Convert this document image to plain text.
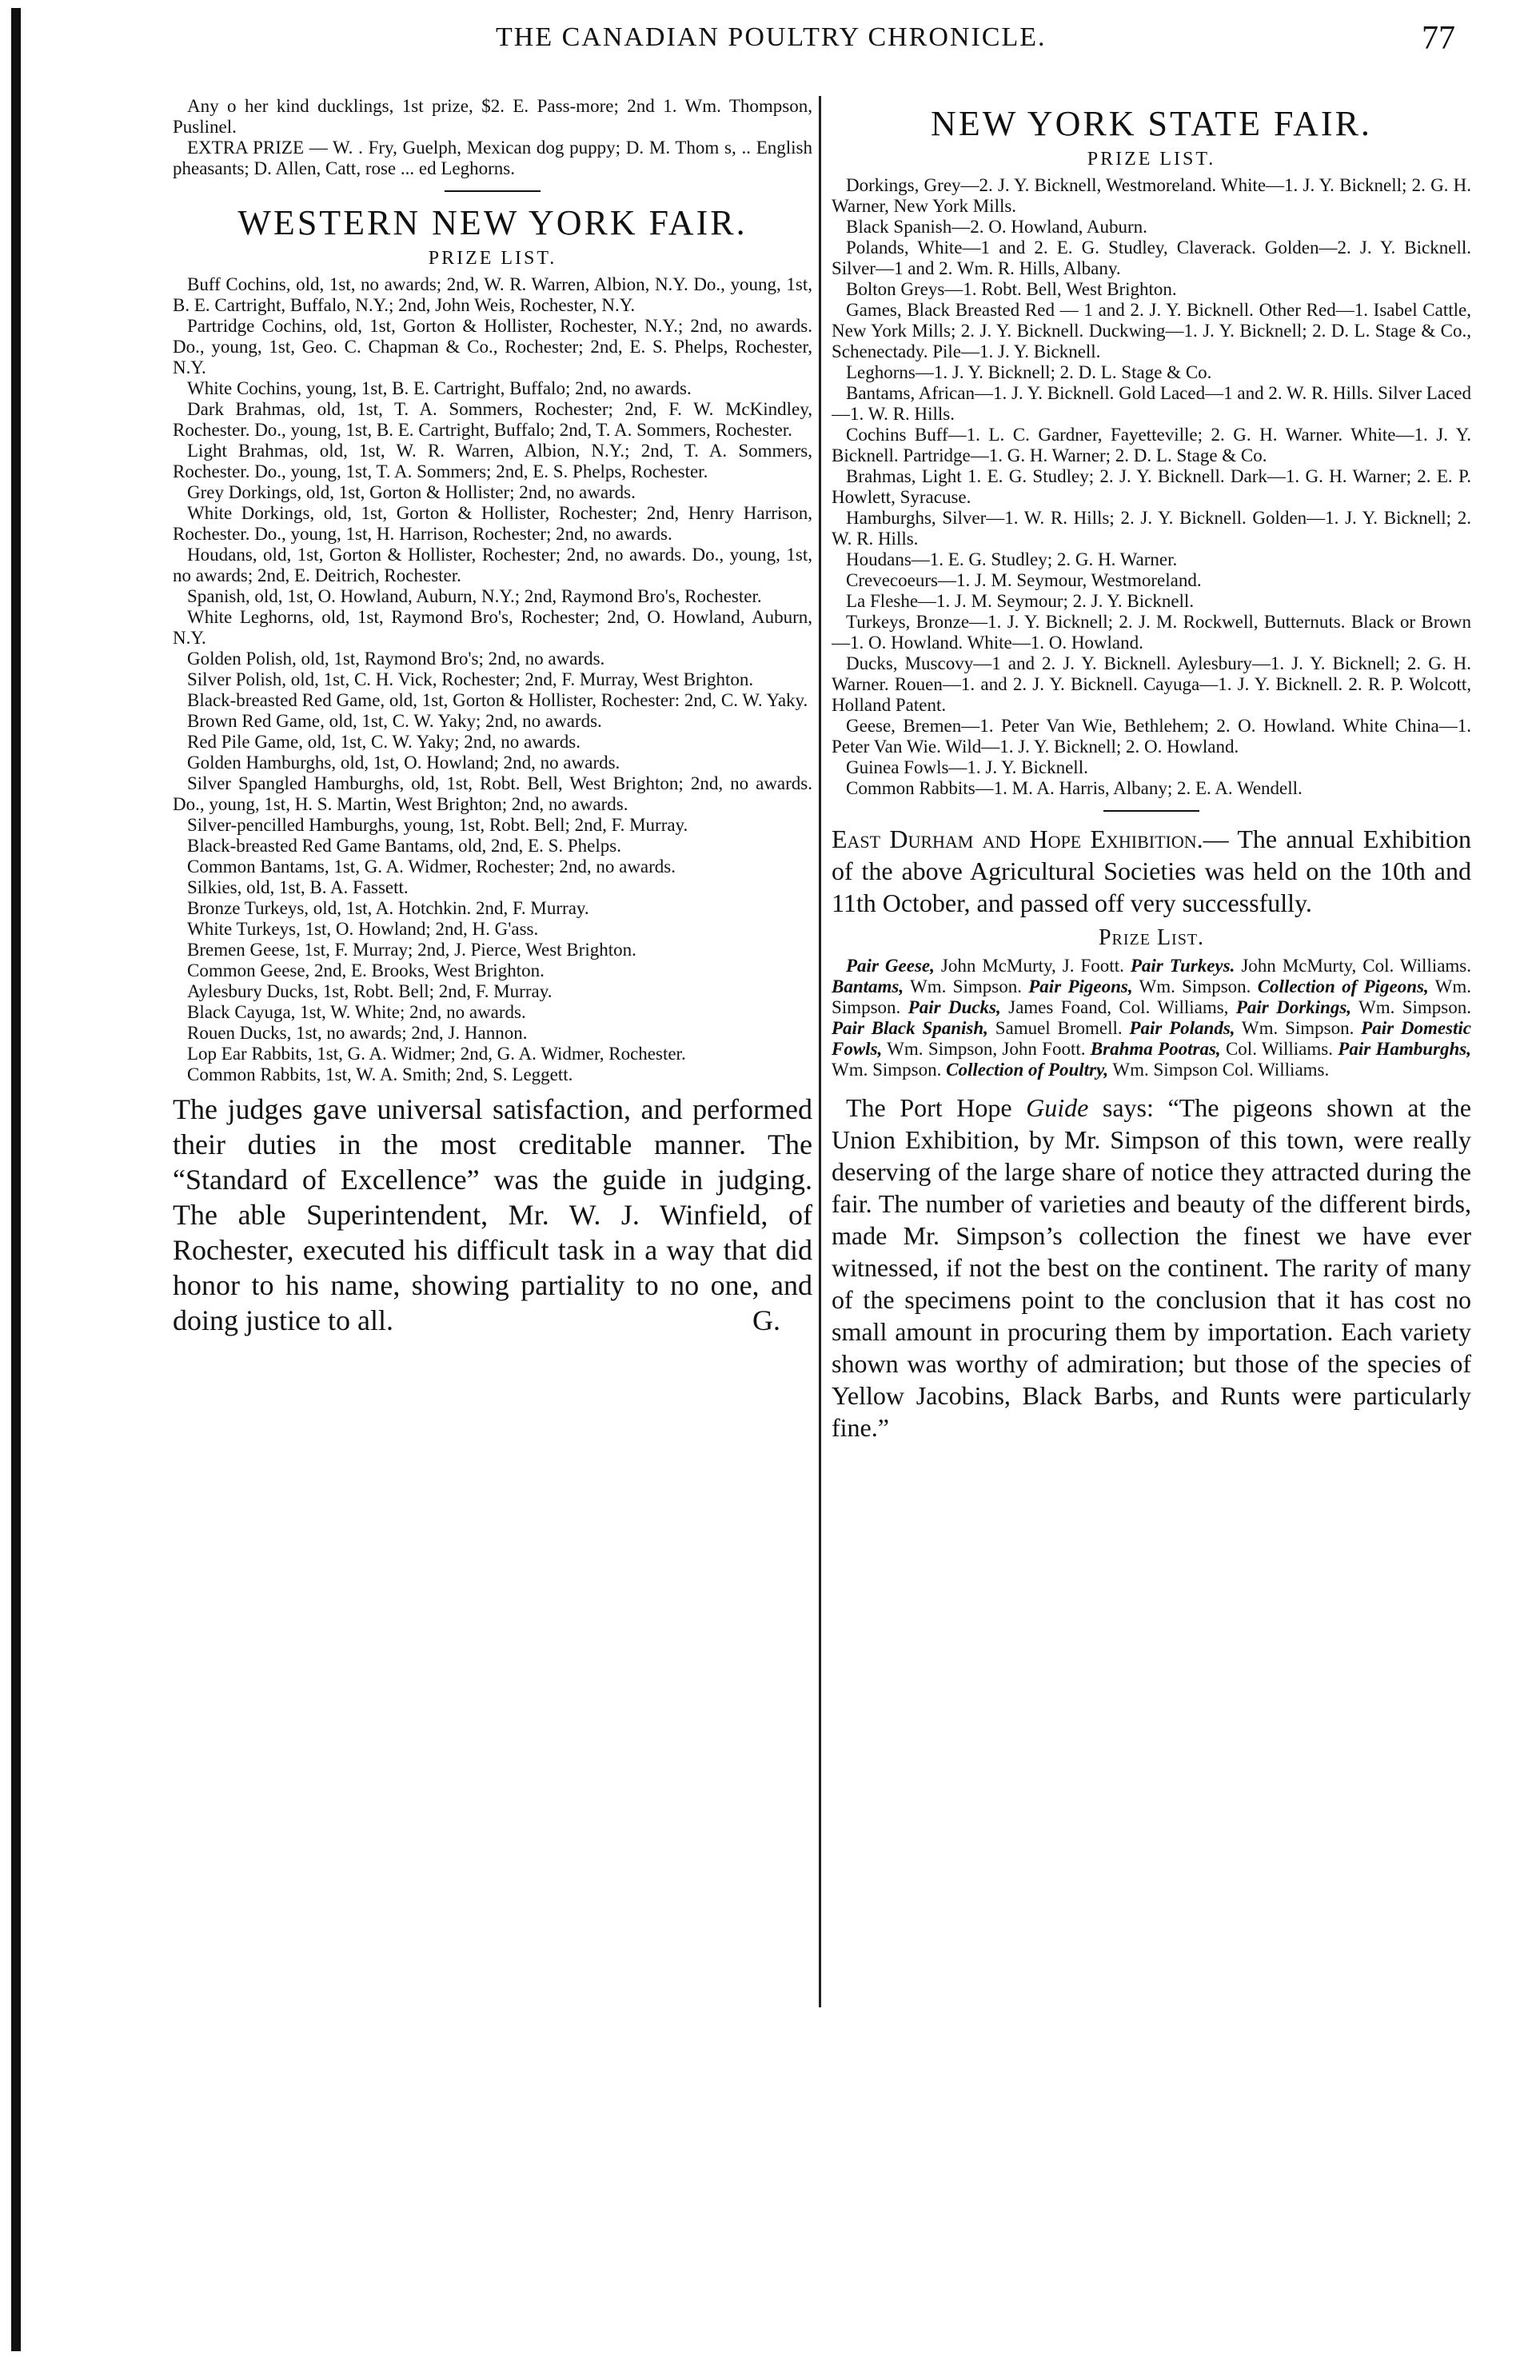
THE CANADIAN POULTRY CHRONICLE.	77

Any o her kind ducklings, 1st prize, $2. E. Pass-more; 2nd 1. Wm. Thompson, Puslinel.

EXTRA PRIZE — W. . Fry, Guelph, Mexican dog puppy; D. M. Thom s, .. English pheasants; D. Allen, Catt, rose ... ed Leghorns.

WESTERN NEW YORK FAIR.
PRIZE LIST.

Buff Cochins, old, 1st, no awards; 2nd, W. R. Warren, Albion, N.Y. Do., young, 1st, B. E. Cartright, Buffalo, N.Y.; 2nd, John Weis, Rochester, N.Y.

Partridge Cochins, old, 1st, Gorton & Hollister, Rochester, N.Y.; 2nd, no awards. Do., young, 1st, Geo. C. Chapman & Co., Rochester; 2nd, E. S. Phelps, Rochester, N.Y.

White Cochins, young, 1st, B. E. Cartright, Buffalo; 2nd, no awards.

Dark Brahmas, old, 1st, T. A. Sommers, Rochester; 2nd, F. W. McKindley, Rochester. Do., young, 1st, B. E. Cartright, Buffalo; 2nd, T. A. Sommers, Rochester.

Light Brahmas, old, 1st, W. R. Warren, Albion, N.Y.; 2nd, T. A. Sommers, Rochester. Do., young, 1st, T. A. Sommers; 2nd, E. S. Phelps, Rochester.

Grey Dorkings, old, 1st, Gorton & Hollister; 2nd, no awards.

White Dorkings, old, 1st, Gorton & Hollister, Rochester; 2nd, Henry Harrison, Rochester. Do., young, 1st, H. Harrison, Rochester; 2nd, no awards.

Houdans, old, 1st, Gorton & Hollister, Rochester; 2nd, no awards. Do., young, 1st, no awards; 2nd, E. Deitrich, Rochester.

Spanish, old, 1st, O. Howland, Auburn, N.Y.; 2nd, Raymond Bro's, Rochester.

White Leghorns, old, 1st, Raymond Bro's, Rochester; 2nd, O. Howland, Auburn, N.Y.

Golden Polish, old, 1st, Raymond Bro's; 2nd, no awards.

Silver Polish, old, 1st, C. H. Vick, Rochester; 2nd, F. Murray, West Brighton.

Black-breasted Red Game, old, 1st, Gorton & Hollister, Rochester: 2nd, C. W. Yaky.

Brown Red Game, old, 1st, C. W. Yaky; 2nd, no awards.

Red Pile Game, old, 1st, C. W. Yaky; 2nd, no awards.

Golden Hamburghs, old, 1st, O. Howland; 2nd, no awards.

Silver Spangled Hamburghs, old, 1st, Robt. Bell, West Brighton; 2nd, no awards. Do., young, 1st, H. S. Martin, West Brighton; 2nd, no awards.

Silver-pencilled Hamburghs, young, 1st, Robt. Bell; 2nd, F. Murray.

Black-breasted Red Game Bantams, old, 2nd, E. S. Phelps.

Common Bantams, 1st, G. A. Widmer, Rochester; 2nd, no awards.

Silkies, old, 1st, B. A. Fassett.

Bronze Turkeys, old, 1st, A. Hotchkin. 2nd, F. Murray.

White Turkeys, 1st, O. Howland; 2nd, H. G'ass.

Bremen Geese, 1st, F. Murray; 2nd, J. Pierce, West Brighton.

Common Geese, 2nd, E. Brooks, West Brighton.

Aylesbury Ducks, 1st, Robt. Bell; 2nd, F. Murray.

Black Cayuga, 1st, W. White; 2nd, no awards.

Rouen Ducks, 1st, no awards; 2nd, J. Hannon.

Lop Ear Rabbits, 1st, G. A. Widmer; 2nd, G. A. Widmer, Rochester.

Common Rabbits, 1st, W. A. Smith; 2nd, S. Leggett.

The judges gave universal satisfaction, and performed their duties in the most creditable manner. The “Standard of Excellence” was the guide in judging. The able Superintendent, Mr. W. J. Winfield, of Rochester, executed his difficult task in a way that did honor to his name, showing partiality to no one, and doing justice to all.	G.

NEW YORK STATE FAIR.
PRIZE LIST.

Dorkings, Grey—2. J. Y. Bicknell, Westmoreland. White—1. J. Y. Bicknell; 2. G. H. Warner, New York Mills.

Black Spanish—2. O. Howland, Auburn.

Polands, White—1 and 2. E. G. Studley, Claverack. Golden—2. J. Y. Bicknell. Silver—1 and 2. Wm. R. Hills, Albany.

Bolton Greys—1. Robt. Bell, West Brighton.

Games, Black Breasted Red — 1 and 2. J. Y. Bicknell. Other Red—1. Isabel Cattle, New York Mills; 2. J. Y. Bicknell. Duckwing—1. J. Y. Bicknell; 2. D. L. Stage & Co., Schenectady. Pile—1. J. Y. Bicknell.

Leghorns—1. J. Y. Bicknell; 2. D. L. Stage & Co.

Bantams, African—1. J. Y. Bicknell. Gold Laced—1 and 2. W. R. Hills. Silver Laced—1. W. R. Hills.

Cochins Buff—1. L. C. Gardner, Fayetteville; 2. G. H. Warner. White—1. J. Y. Bicknell. Partridge—1. G. H. Warner; 2. D. L. Stage & Co.

Brahmas, Light 1. E. G. Studley; 2. J. Y. Bicknell. Dark—1. G. H. Warner; 2. E. P. Howlett, Syracuse.

Hamburghs, Silver—1. W. R. Hills; 2. J. Y. Bicknell. Golden—1. J. Y. Bicknell; 2. W. R. Hills.

Houdans—1. E. G. Studley; 2. G. H. Warner.

Crevecoeurs—1. J. M. Seymour, Westmoreland.

La Fleshe—1. J. M. Seymour; 2. J. Y. Bicknell.

Turkeys, Bronze—1. J. Y. Bicknell; 2. J. M. Rockwell, Butternuts. Black or Brown—1. O. Howland. White—1. O. Howland.

Ducks, Muscovy—1 and 2. J. Y. Bicknell. Aylesbury—1. J. Y. Bicknell; 2. G. H. Warner. Rouen—1. and 2. J. Y. Bicknell. Cayuga—1. J. Y. Bicknell. 2. R. P. Wolcott, Holland Patent.

Geese, Bremen—1. Peter Van Wie, Bethlehem; 2. O. Howland. White China—1. Peter Van Wie. Wild—1. J. Y. Bicknell; 2. O. Howland.

Guinea Fowls—1. J. Y. Bicknell.

Common Rabbits—1. M. A. Harris, Albany; 2. E. A. Wendell.

East Durham and Hope Exhibition.— The annual Exhibition of the above Agricultural Societies was held on the 10th and 11th October, and passed off very successfully.

Prize List.

Pair Geese, John McMurty, J. Foott. Pair Turkeys. John McMurty, Col. Williams. Bantams, Wm. Simpson. Pair Pigeons, Wm. Simpson. Collection of Pigeons, Wm. Simpson. Pair Ducks, James Foand, Col. Williams, Pair Dorkings, Wm. Simpson. Pair Black Spanish, Samuel Bromell. Pair Polands, Wm. Simpson. Pair Domestic Fowls, Wm. Simpson, John Foott. Brahma Pootras, Col. Williams. Pair Hamburghs, Wm. Simpson. Collection of Poultry, Wm. Simpson Col. Williams.

The Port Hope Guide says: “The pigeons shown at the Union Exhibition, by Mr. Simpson of this town, were really deserving of the large share of notice they attracted during the fair. The number of varieties and beauty of the different birds, made Mr. Simpson’s collection the finest we have ever witnessed, if not the best on the continent. The rarity of many of the specimens point to the conclusion that it has cost no small amount in procuring them by importation. Each variety shown was worthy of admiration; but those of the species of Yellow Jacobins, Black Barbs, and Runts were particularly fine.”
